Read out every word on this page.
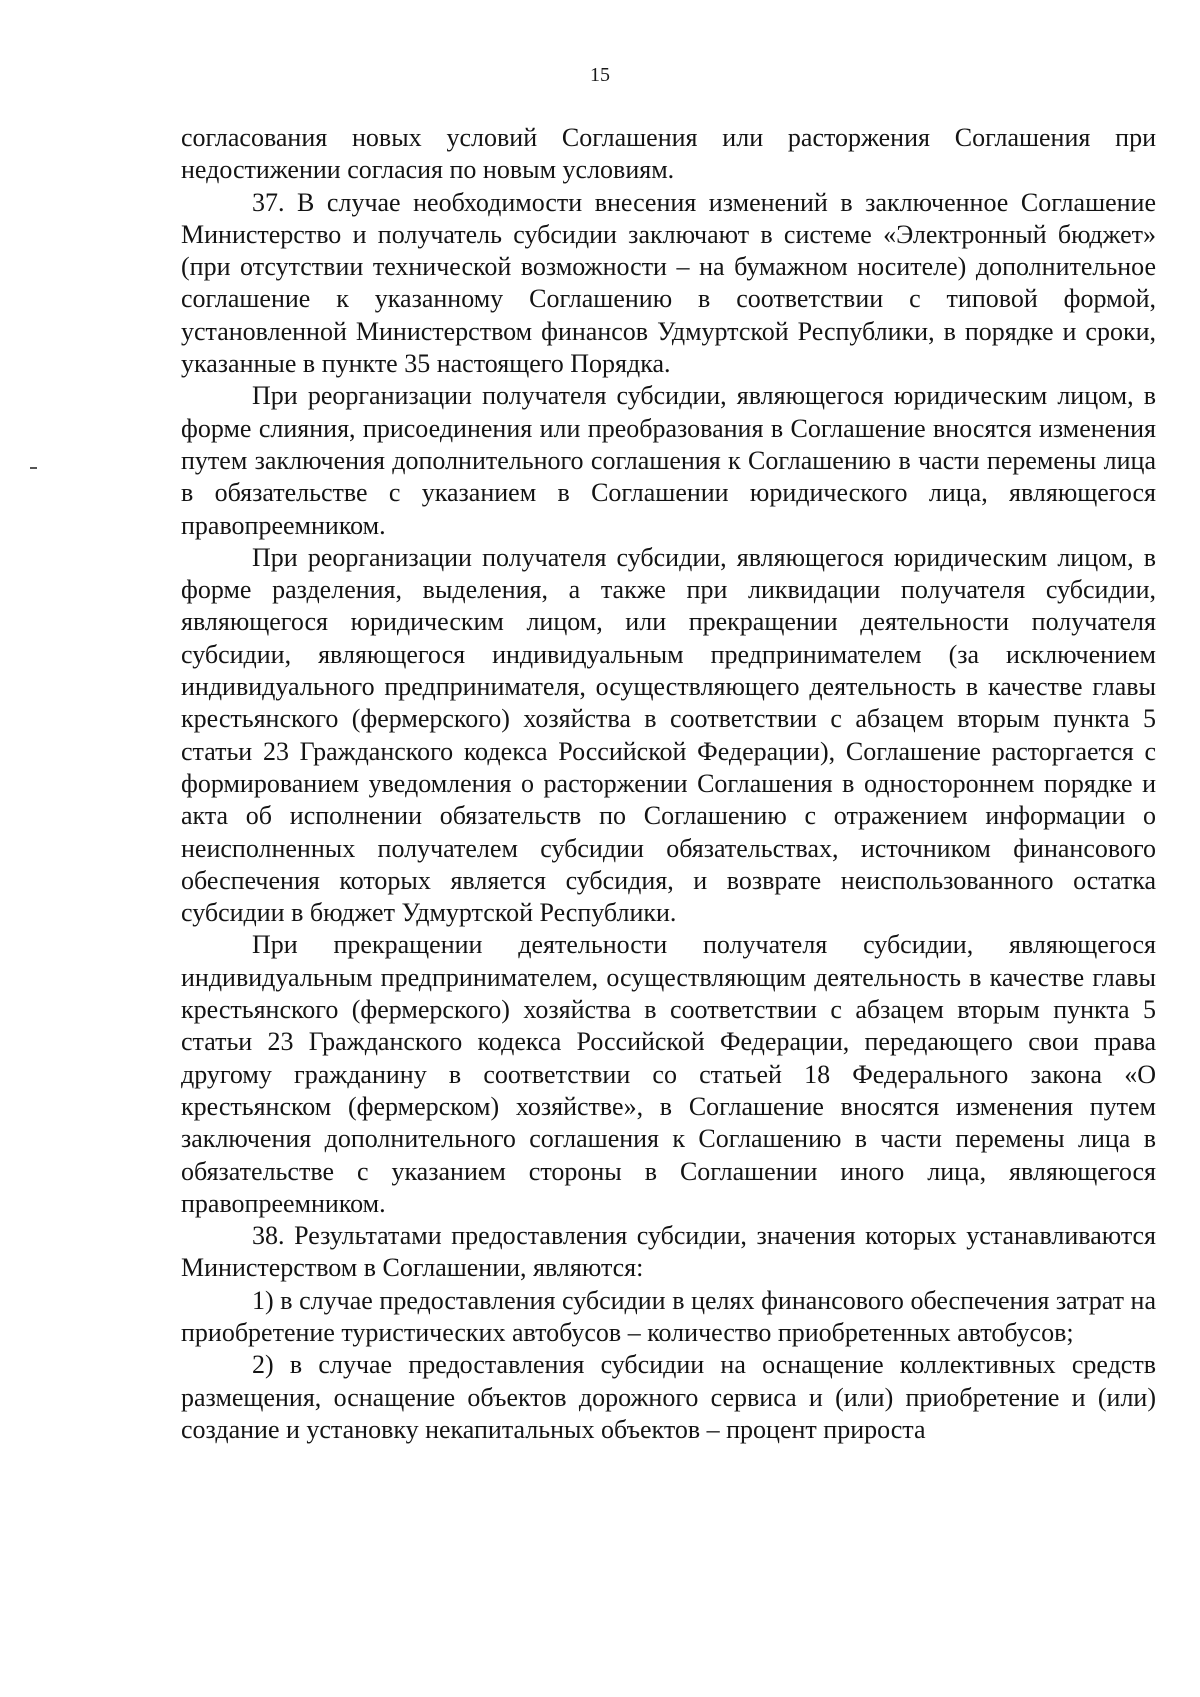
15

согласования новых условий Соглашения или расторжения Соглашения при недостижении согласия по новым условиям.

37. В случае необходимости внесения изменений в заключенное Соглашение Министерство и получатель субсидии заключают в системе «Электронный бюджет» (при отсутствии технической возможности – на бумажном носителе) дополнительное соглашение к указанному Соглашению в соответствии с типовой формой, установленной Министерством финансов Удмуртской Республики, в порядке и сроки, указанные в пункте 35 настоящего Порядка.

При реорганизации получателя субсидии, являющегося юридическим лицом, в форме слияния, присоединения или преобразования в Соглашение вносятся изменения путем заключения дополнительного соглашения к Соглашению в части перемены лица в обязательстве с указанием в Соглашении юридического лица, являющегося правопреемником.

При реорганизации получателя субсидии, являющегося юридическим лицом, в форме разделения, выделения, а также при ликвидации получателя субсидии, являющегося юридическим лицом, или прекращении деятельности получателя субсидии, являющегося индивидуальным предпринимателем (за исключением индивидуального предпринимателя, осуществляющего деятельность в качестве главы крестьянского (фермерского) хозяйства в соответствии с абзацем вторым пункта 5 статьи 23 Гражданского кодекса Российской Федерации), Соглашение расторгается с формированием уведомления о расторжении Соглашения в одностороннем порядке и акта об исполнении обязательств по Соглашению с отражением информации о неисполненных получателем субсидии обязательствах, источником финансового обеспечения которых является субсидия, и возврате неиспользованного остатка субсидии в бюджет Удмуртской Республики.

При прекращении деятельности получателя субсидии, являющегося индивидуальным предпринимателем, осуществляющим деятельность в качестве главы крестьянского (фермерского) хозяйства в соответствии с абзацем вторым пункта 5 статьи 23 Гражданского кодекса Российской Федерации, передающего свои права другому гражданину в соответствии со статьей 18 Федерального закона «О крестьянском (фермерском) хозяйстве», в Соглашение вносятся изменения путем заключения дополнительного соглашения к Соглашению в части перемены лица в обязательстве с указанием стороны в Соглашении иного лица, являющегося правопреемником.

38. Результатами предоставления субсидии, значения которых устанавливаются Министерством в Соглашении, являются:

1) в случае предоставления субсидии в целях финансового обеспечения затрат на приобретение туристических автобусов – количество приобретенных автобусов;

2) в случае предоставления субсидии на оснащение коллективных средств размещения, оснащение объектов дорожного сервиса и (или) приобретение и (или) создание и установку некапитальных объектов – процент прироста
